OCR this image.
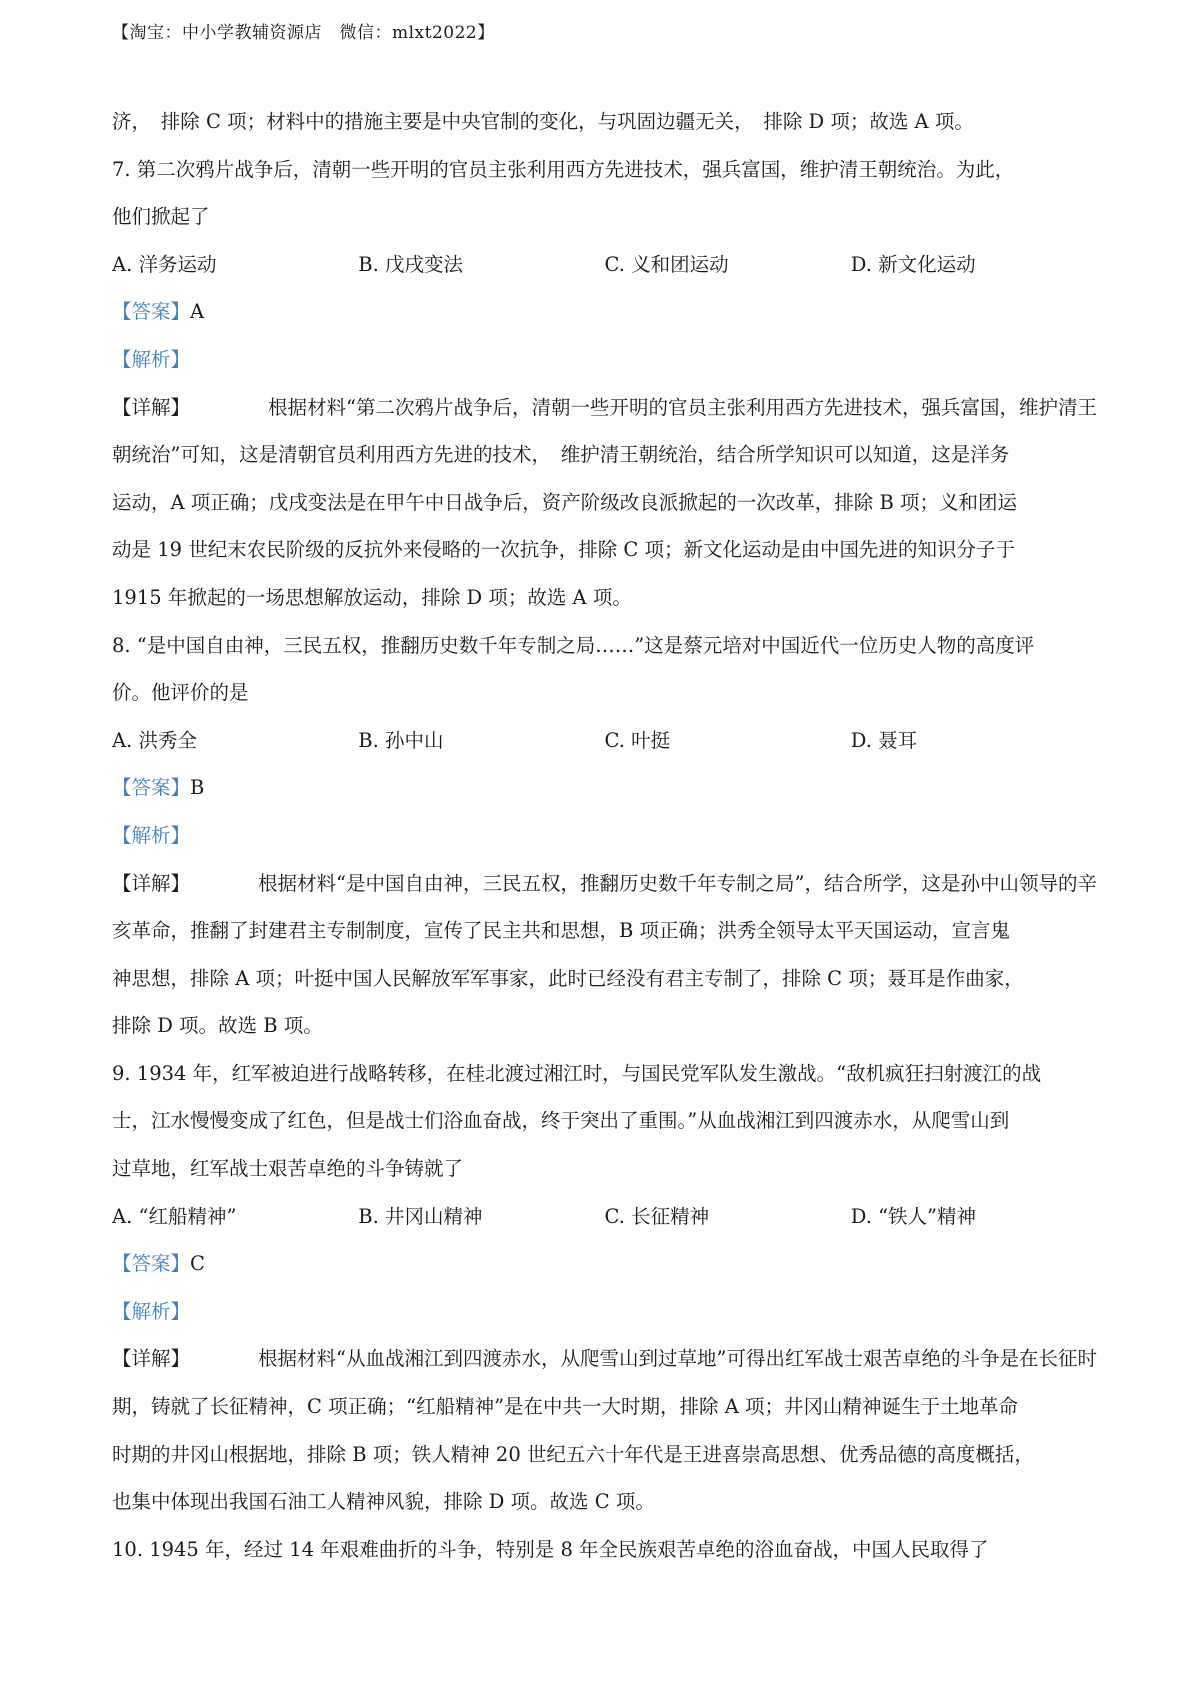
【淘宝：中小学教辅资源店　微信：mlxt2022】
济，　排除 C 项；材料中的措施主要是中央官制的变化，与巩固边疆无关，　排除 D 项；故选 A 项。
7. 第二次鸦片战争后，清朝一些开明的官员主张利用西方先进技术，强兵富国，维护清王朝统治。为此，
他们掀起了
A. 洋务运动	B. 戊戌变法	C. 义和团运动	D. 新文化运动
【答案】A
【解析】
【详解】	根据材料“第二次鸦片战争后，清朝一些开明的官员主张利用西方先进技术，强兵富国，维护清王
朝统治”可知，这是清朝官员利用西方先进的技术，　维护清王朝统治，结合所学知识可以知道，这是洋务
运动，A 项正确；戊戌变法是在甲午中日战争后，资产阶级改良派掀起的一次改革，排除 B 项；义和团运
动是 19 世纪末农民阶级的反抗外来侵略的一次抗争，排除 C 项；新文化运动是由中国先进的知识分子于
1915 年掀起的一场思想解放运动，排除 D 项；故选 A 项。
8. “是中国自由神，三民五权，推翻历史数千年专制之局……”这是蔡元培对中国近代一位历史人物的高度评
价。他评价的是
A. 洪秀全	B. 孙中山	C. 叶挺	D. 聂耳
【答案】B
【解析】
【详解】	根据材料“是中国自由神，三民五权，推翻历史数千年专制之局”，结合所学，这是孙中山领导的辛
亥革命，推翻了封建君主专制制度，宣传了民主共和思想，B 项正确；洪秀全领导太平天国运动，宣言鬼
神思想，排除 A 项；叶挺中国人民解放军军事家，此时已经没有君主专制了，排除 C 项；聂耳是作曲家，
排除 D 项。故选 B 项。
9. 1934 年，红军被迫进行战略转移，在桂北渡过湘江时，与国民党军队发生激战。“敌机疯狂扫射渡江的战
士，江水慢慢变成了红色，但是战士们浴血奋战，终于突出了重围。”从血战湘江到四渡赤水，从爬雪山到
过草地，红军战士艰苦卓绝的斗争铸就了
A. “红船精神”	B. 井冈山精神	C. 长征精神	D. “铁人”精神
【答案】C
【解析】
【详解】	根据材料“从血战湘江到四渡赤水，从爬雪山到过草地”可得出红军战士艰苦卓绝的斗争是在长征时
期，铸就了长征精神，C 项正确；“红船精神”是在中共一大时期，排除 A 项；井冈山精神诞生于土地革命
时期的井冈山根据地，排除 B 项；铁人精神 20 世纪五六十年代是王进喜崇高思想、优秀品德的高度概括，
也集中体现出我国石油工人精神风貌，排除 D 项。故选 C 项。
10. 1945 年，经过 14 年艰难曲折的斗争，特别是 8 年全民族艰苦卓绝的浴血奋战，中国人民取得了
